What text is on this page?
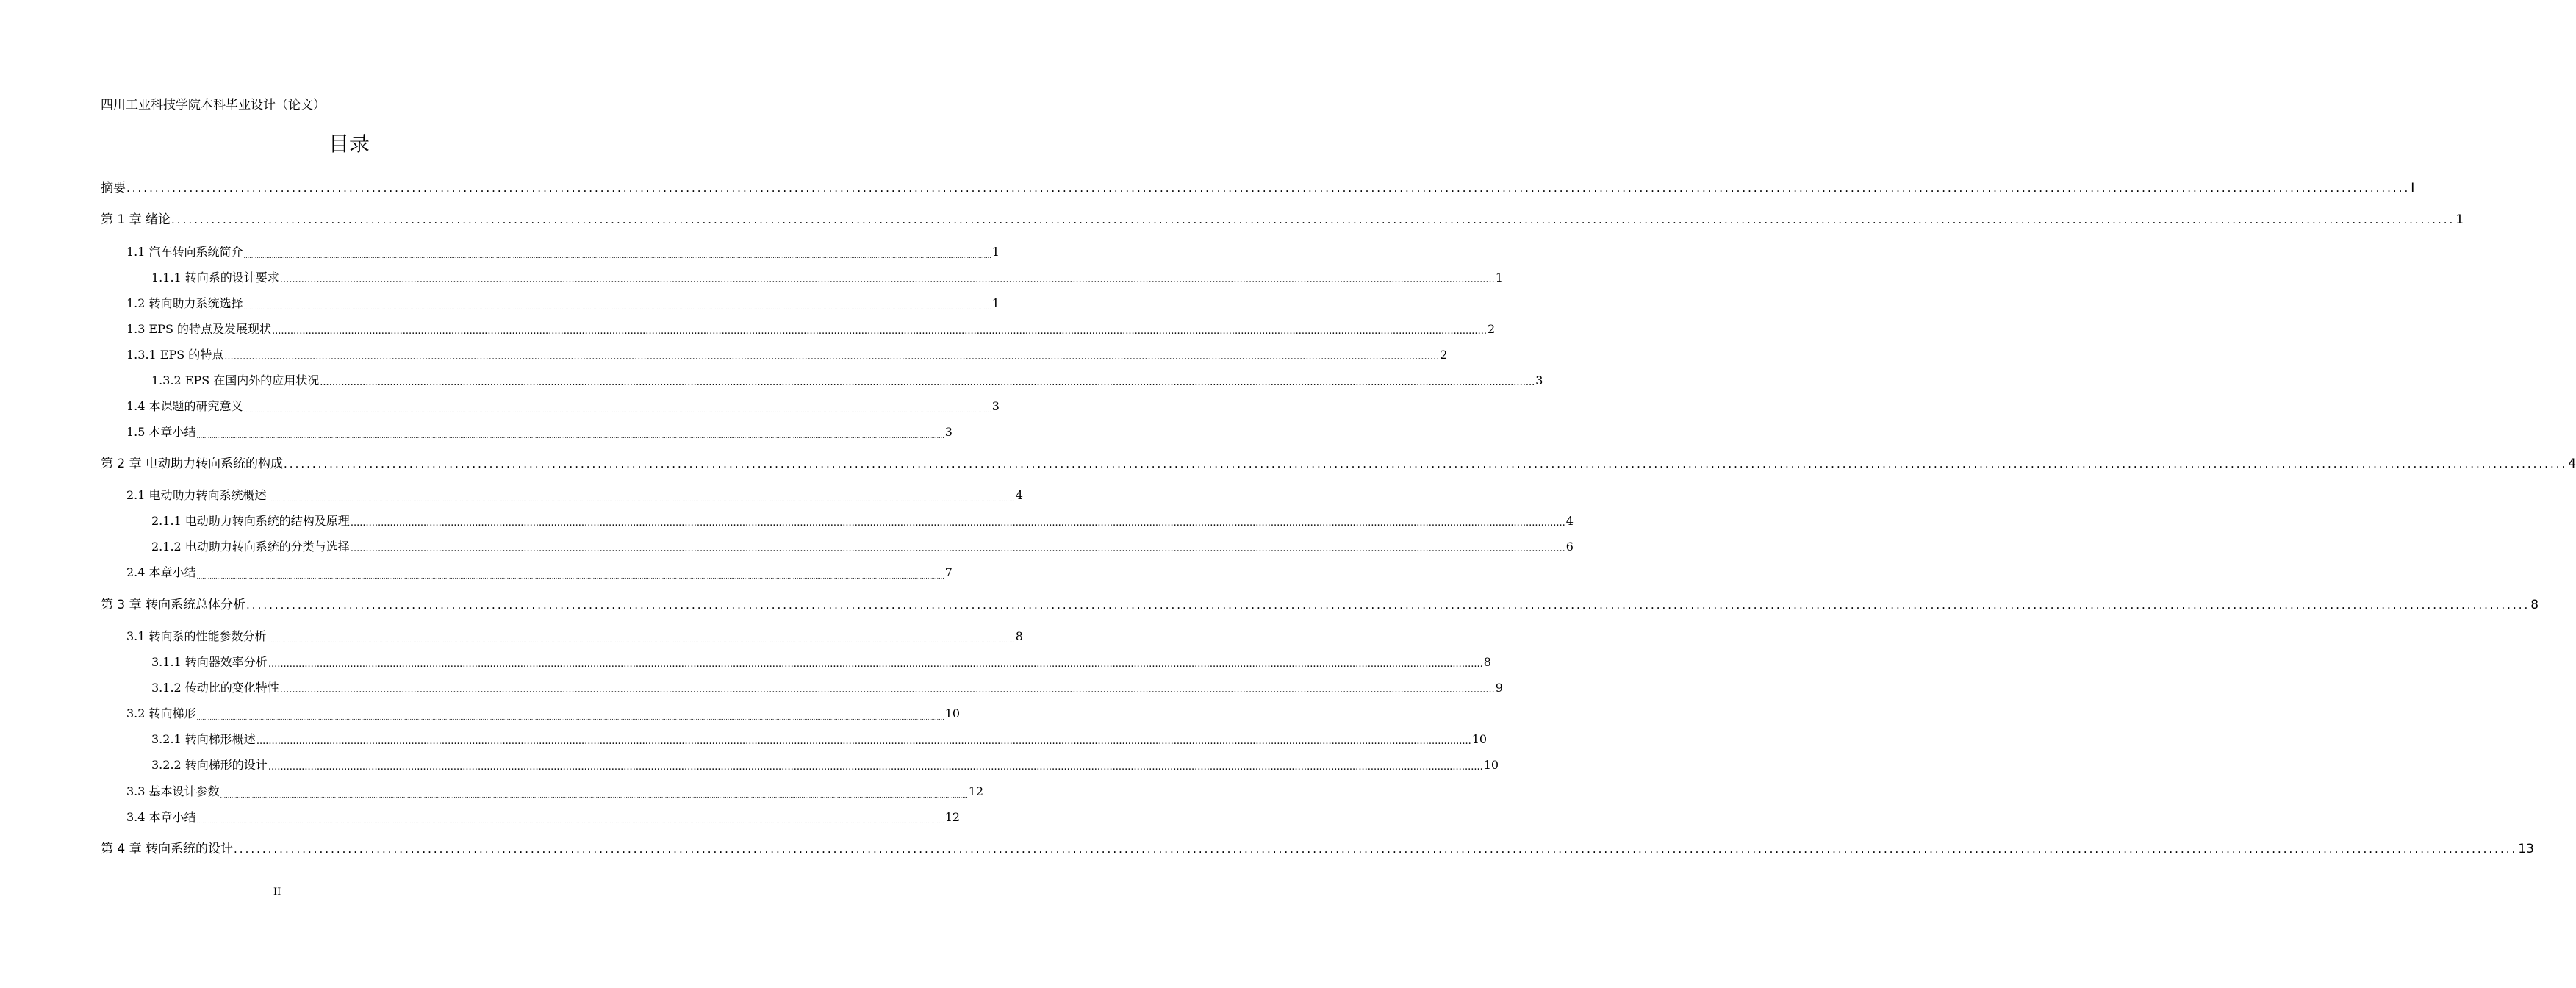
四川工业科技学院本科毕业设计（论文）
目录
摘要 ................................................................................................................................................................................................................................................................................................................................................................................................................ I
第 1 章 绪论 ................................................................................................................................................................................................................................................................................................................................................................................................................ 1
1.1 汽车转向系统简介 ................................................................................................................................................................................................................................................................................................................................................................................................................ 1
1.1.1 转向系的设计要求 ................................................................................................................................................................................................................................................................................................................................................................................................................ 1
1.2 转向助力系统选择 ................................................................................................................................................................................................................................................................................................................................................................................................................ 1
1.3 EPS 的特点及发展现状 ................................................................................................................................................................................................................................................................................................................................................................................................................ 2
1.3.1 EPS 的特点 ................................................................................................................................................................................................................................................................................................................................................................................................................ 2
1.3.2 EPS 在国内外的应用状况 ................................................................................................................................................................................................................................................................................................................................................................................................................ 3
1.4 本课题的研究意义 ................................................................................................................................................................................................................................................................................................................................................................................................................ 3
1.5 本章小结 ................................................................................................................................................................................................................................................................................................................................................................................................................ 3
第 2 章 电动助力转向系统的构成 ................................................................................................................................................................................................................................................................................................................................................................................................................ 4
2.1 电动助力转向系统概述 ................................................................................................................................................................................................................................................................................................................................................................................................................ 4
2.1.1 电动助力转向系统的结构及原理 ................................................................................................................................................................................................................................................................................................................................................................................................................ 4
2.1.2 电动助力转向系统的分类与选择 ................................................................................................................................................................................................................................................................................................................................................................................................................ 6
2.4 本章小结 ................................................................................................................................................................................................................................................................................................................................................................................................................ 7
第 3 章 转向系统总体分析 ................................................................................................................................................................................................................................................................................................................................................................................................................ 8
3.1 转向系的性能参数分析 ................................................................................................................................................................................................................................................................................................................................................................................................................ 8
3.1.1 转向器效率分析 ................................................................................................................................................................................................................................................................................................................................................................................................................ 8
3.1.2 传动比的变化特性 ................................................................................................................................................................................................................................................................................................................................................................................................................ 9
3.2 转向梯形 ................................................................................................................................................................................................................................................................................................................................................................................................................ 10
3.2.1 转向梯形概述 ................................................................................................................................................................................................................................................................................................................................................................................................................ 10
3.2.2 转向梯形的设计 ................................................................................................................................................................................................................................................................................................................................................................................................................ 10
3.3 基本设计参数 ................................................................................................................................................................................................................................................................................................................................................................................................................ 12
3.4 本章小结 ................................................................................................................................................................................................................................................................................................................................................................................................................ 12
第 4 章 转向系统的设计 ................................................................................................................................................................................................................................................................................................................................................................................................................ 13
II
